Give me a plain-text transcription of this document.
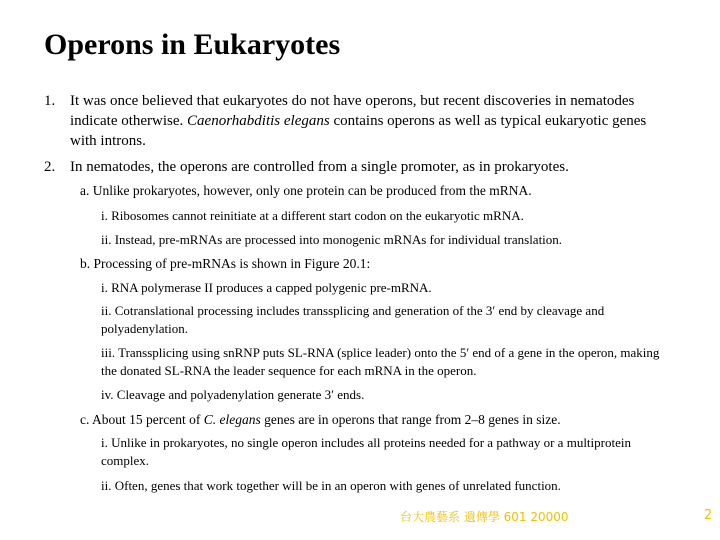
Operons in Eukaryotes
1. It was once believed that eukaryotes do not have operons, but recent discoveries in nematodes indicate otherwise. Caenorhabditis elegans contains operons as well as typical eukaryotic genes with introns.
2. In nematodes, the operons are controlled from a single promoter, as in prokaryotes.
a. Unlike prokaryotes, however, only one protein can be produced from the mRNA.
i. Ribosomes cannot reinitiate at a different start codon on the eukaryotic mRNA.
ii. Instead, pre-mRNAs are processed into monogenic mRNAs for individual translation.
b. Processing of pre-mRNAs is shown in Figure 20.1:
i. RNA polymerase II produces a capped polygenic pre-mRNA.
ii. Cotranslational processing includes transsplicing and generation of the 3′ end by cleavage and polyadenylation.
iii. Transsplicing using snRNP puts SL-RNA (splice leader) onto the 5′ end of a gene in the operon, making the donated SL‑RNA the leader sequence for each mRNA in the operon.
iv. Cleavage and polyadenylation generate 3′ ends.
c. About 15 percent of C. elegans genes are in operons that range from 2–8 genes in size.
i. Unlike in prokaryotes, no single operon includes all proteins needed for a pathway or a multiprotein complex.
ii. Often, genes that work together will be in an operon with genes of unrelated function.
台大農藝系 遺傳學 601 20000	2
